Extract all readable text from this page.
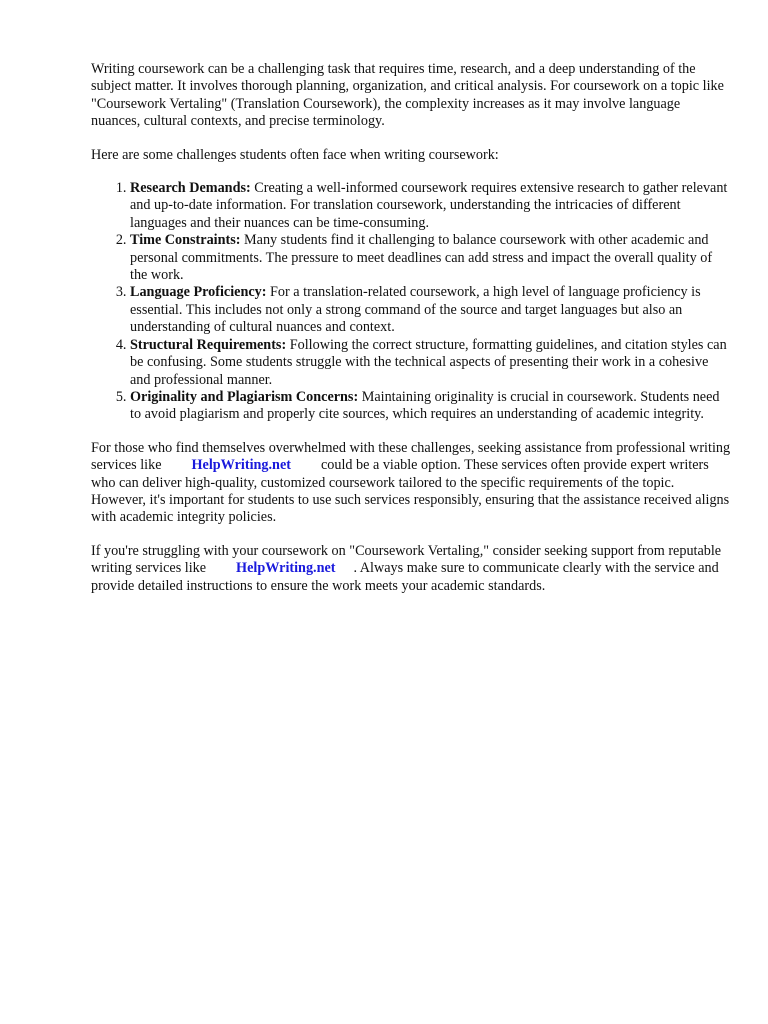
Writing coursework can be a challenging task that requires time, research, and a deep understanding of the subject matter. It involves thorough planning, organization, and critical analysis. For coursework on a topic like "Coursework Vertaling" (Translation Coursework), the complexity increases as it may involve language nuances, cultural contexts, and precise terminology.

Here are some challenges students often face when writing coursework:

1. Research Demands: Creating a well-informed coursework requires extensive research to gather relevant and up-to-date information. For translation coursework, understanding the intricacies of different languages and their nuances can be time-consuming.
2. Time Constraints: Many students find it challenging to balance coursework with other academic and personal commitments. The pressure to meet deadlines can add stress and impact the overall quality of the work.
3. Language Proficiency: For a translation-related coursework, a high level of language proficiency is essential. This includes not only a strong command of the source and target languages but also an understanding of cultural nuances and context.
4. Structural Requirements: Following the correct structure, formatting guidelines, and citation styles can be confusing. Some students struggle with the technical aspects of presenting their work in a cohesive and professional manner.
5. Originality and Plagiarism Concerns: Maintaining originality is crucial in coursework. Students need to avoid plagiarism and properly cite sources, which requires an understanding of academic integrity.

For those who find themselves overwhelmed with these challenges, seeking assistance from professional writing services like HelpWriting.net could be a viable option. These services often provide expert writers who can deliver high-quality, customized coursework tailored to the specific requirements of the topic. However, it's important for students to use such services responsibly, ensuring that the assistance received aligns with academic integrity policies.

If you're struggling with your coursework on "Coursework Vertaling," consider seeking support from reputable writing services like HelpWriting.net . Always make sure to communicate clearly with the service and provide detailed instructions to ensure the work meets your academic standards.
